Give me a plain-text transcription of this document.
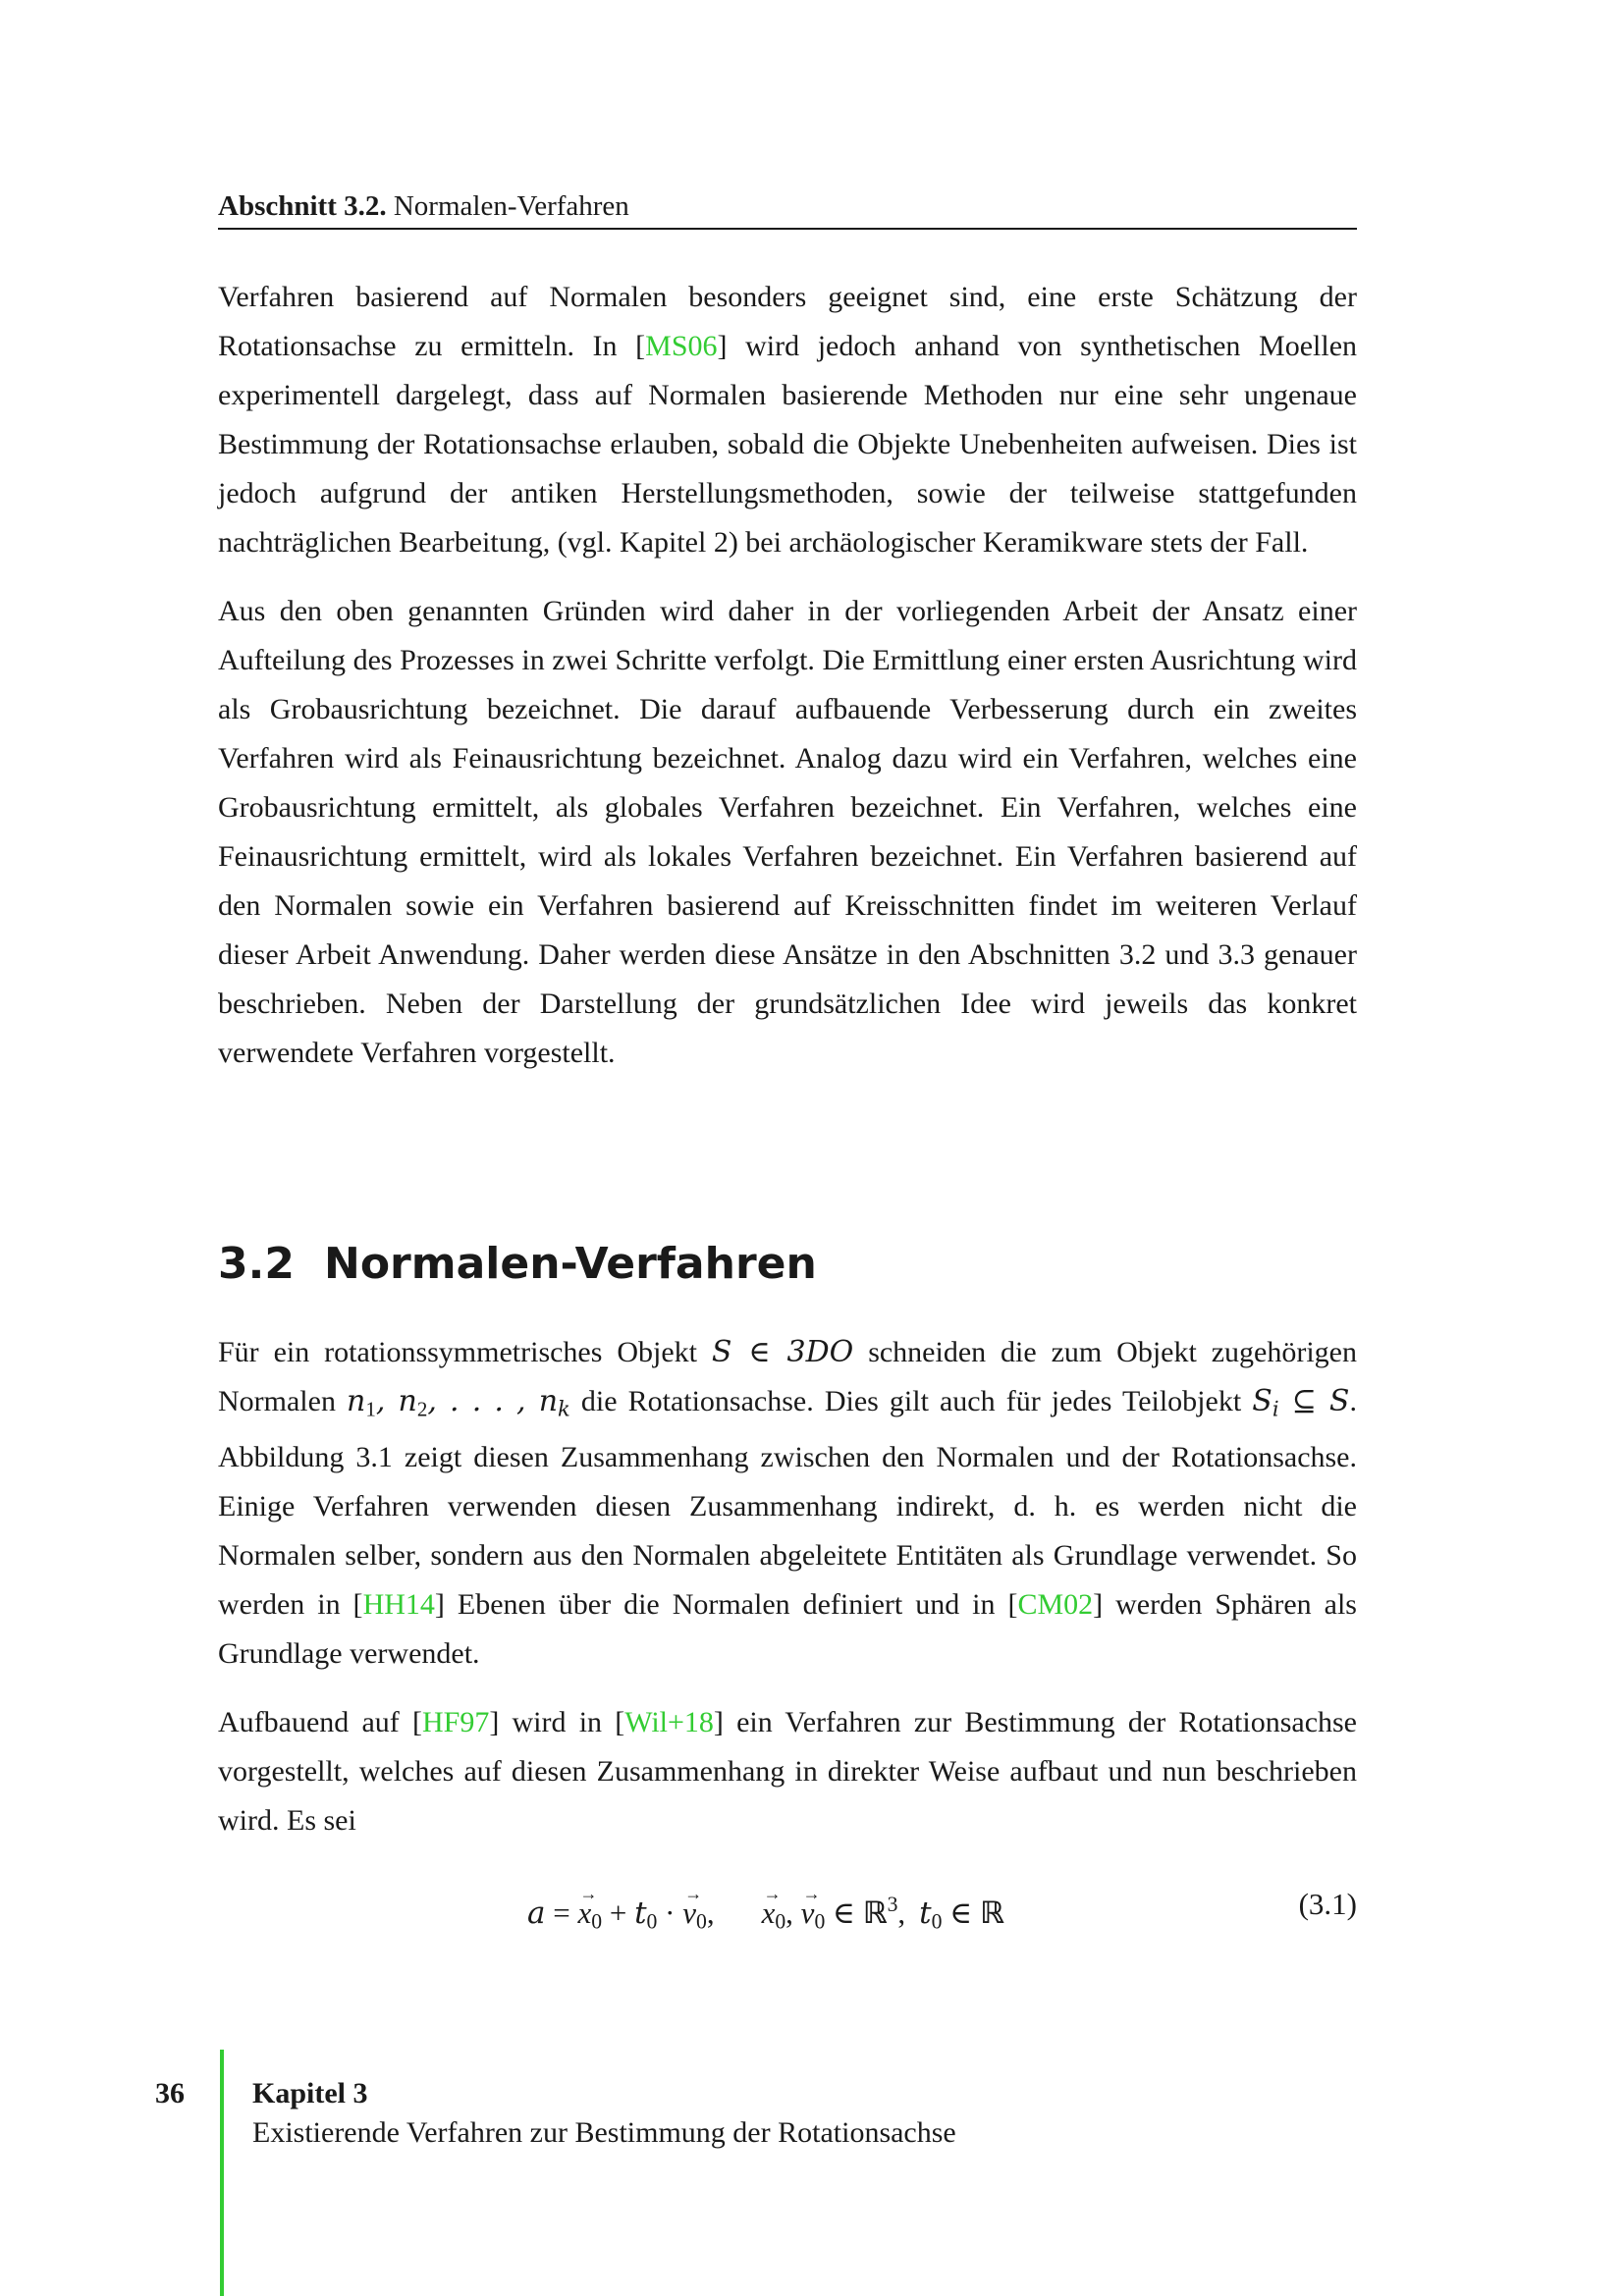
Abschnitt 3.2. Normalen-Verfahren

Verfahren basierend auf Normalen besonders geeignet sind, eine erste Schätzung der Rotationsachse zu ermitteln. In [MS06] wird jedoch anhand von synthetischen Moellen experimentell dargelegt, dass auf Normalen basierende Methoden nur eine sehr ungenaue Bestimmung der Rotationsachse erlauben, sobald die Objekte Unebenheiten aufweisen. Dies ist jedoch aufgrund der antiken Herstellungsmethoden, sowie der teilweise stattgefunden nachträglichen Bearbeitung, (vgl. Kapitel 2) bei archäologischer Keramikware stets der Fall.

Aus den oben genannten Gründen wird daher in der vorliegenden Arbeit der Ansatz einer Aufteilung des Prozesses in zwei Schritte verfolgt. Die Ermittlung einer ersten Ausrichtung wird als Grobausrichtung bezeichnet. Die darauf aufbauende Verbesserung durch ein zweites Verfahren wird als Feinausrichtung bezeichnet. Analog dazu wird ein Verfahren, welches eine Grobausrichtung ermittelt, als globales Verfahren bezeichnet. Ein Verfahren, welches eine Feinausrichtung ermittelt, wird als lokales Verfahren bezeichnet. Ein Verfahren basierend auf den Normalen sowie ein Verfahren basierend auf Kreisschnitten findet im weiteren Verlauf dieser Arbeit Anwendung. Daher werden diese Ansätze in den Abschnitten 3.2 und 3.3 genauer beschrieben. Neben der Darstellung der grundsätzlichen Idee wird jeweils das konkret verwendete Verfahren vorgestellt.

3.2 Normalen-Verfahren

Für ein rotationssymmetrisches Objekt S ∈ 3DO schneiden die zum Objekt zugehörigen Normalen $n_1$, $n_2$, . . . , $n_k$ die Rotationsachse. Dies gilt auch für jedes Teilobjekt $S_i$ ⊆ S. Abbildung 3.1 zeigt diesen Zusammenhang zwischen den Normalen und der Rotationsachse. Einige Verfahren verwenden diesen Zusammenhang indirekt, d. h. es werden nicht die Normalen selber, sondern aus den Normalen abgeleitete Entitäten als Grundlage verwendet. So werden in [HH14] Ebenen über die Normalen definiert und in [CM02] werden Sphären als Grundlage verwendet.

Aufbauend auf [HF97] wird in [Wil+18] ein Verfahren zur Bestimmung der Rotationsachse vorgestellt, welches auf diesen Zusammenhang in direkter Weise aufbaut und nun beschrieben wird. Es sei

a = → $x_0 + t_0$ · → $v_0,\to x_0$, → $v_0$ ∈ ℝ$^3$, $t_0$ ∈ ℝ	(3.1)
36 Kapitel 3
Existierende Verfahren zur Bestimmung der Rotationsachse
